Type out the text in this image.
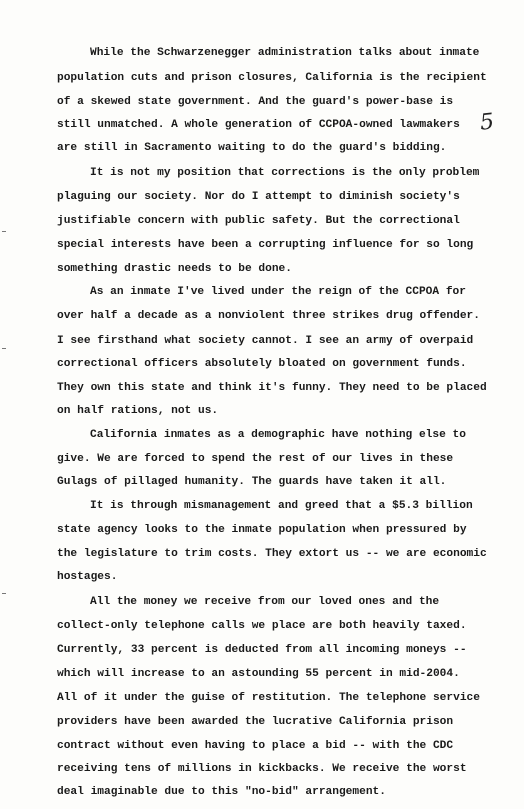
5
While the Schwarzenegger administration talks about inmate
population cuts and prison closures, California is the recipient
of a skewed state government. And the guard's power-base is
still unmatched. A whole generation of CCPOA-owned lawmakers
are still in Sacramento waiting to do the guard's bidding.
It is not my position that corrections is the only problem
plaguing our society. Nor do I attempt to diminish society's
justifiable concern with public safety. But the correctional
special interests have been a corrupting influence for so long
something drastic needs to be done.
As an inmate I've lived under the reign of the CCPOA for
over half a decade as a nonviolent three strikes drug offender.
I see firsthand what society cannot. I see an army of overpaid
correctional officers absolutely bloated on government funds.
They own this state and think it's funny. They need to be placed
on half rations, not us.
California inmates as a demographic have nothing else to
give. We are forced to spend the rest of our lives in these
Gulags of pillaged humanity. The guards have taken it all.
It is through mismanagement and greed that a $5.3 billion
state agency looks to the inmate population when pressured by
the legislature to trim costs. They extort us -- we are economic
hostages.
All the money we receive from our loved ones and the
collect-only telephone calls we place are both heavily taxed.
Currently, 33 percent is deducted from all incoming moneys --
which will increase to an astounding 55 percent in mid-2004.
All of it under the guise of restitution. The telephone service
providers have been awarded the lucrative California prison
contract without even having to place a bid -- with the CDC
receiving tens of millions in kickbacks. We receive the worst
deal imaginable due to this "no-bid" arrangement.
